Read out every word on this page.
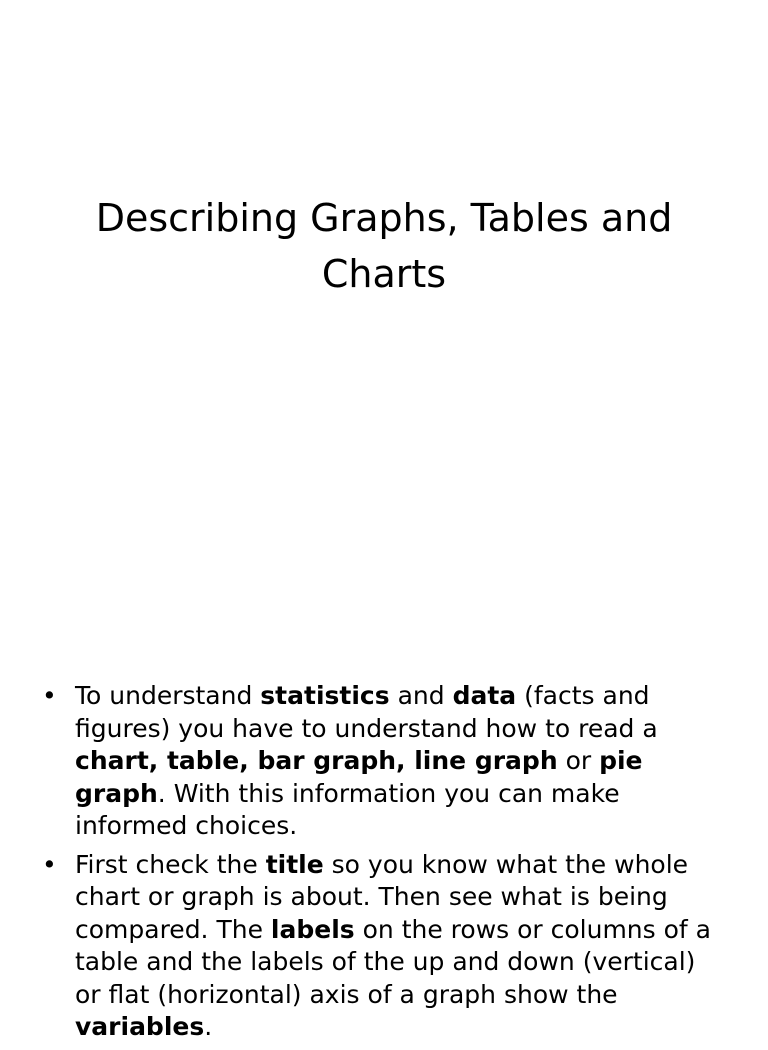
Describing Graphs, Tables and
Charts
• To understand statistics and data (facts and figures) you have to understand how to read a chart, table, bar graph, line graph or pie graph. With this information you can make informed choices.
• First check the title so you know what the whole chart or graph is about. Then see what is being compared. The labels on the rows or columns of a table and the labels of the up and down (vertical) or flat (horizontal) axis of a graph show the variables.
